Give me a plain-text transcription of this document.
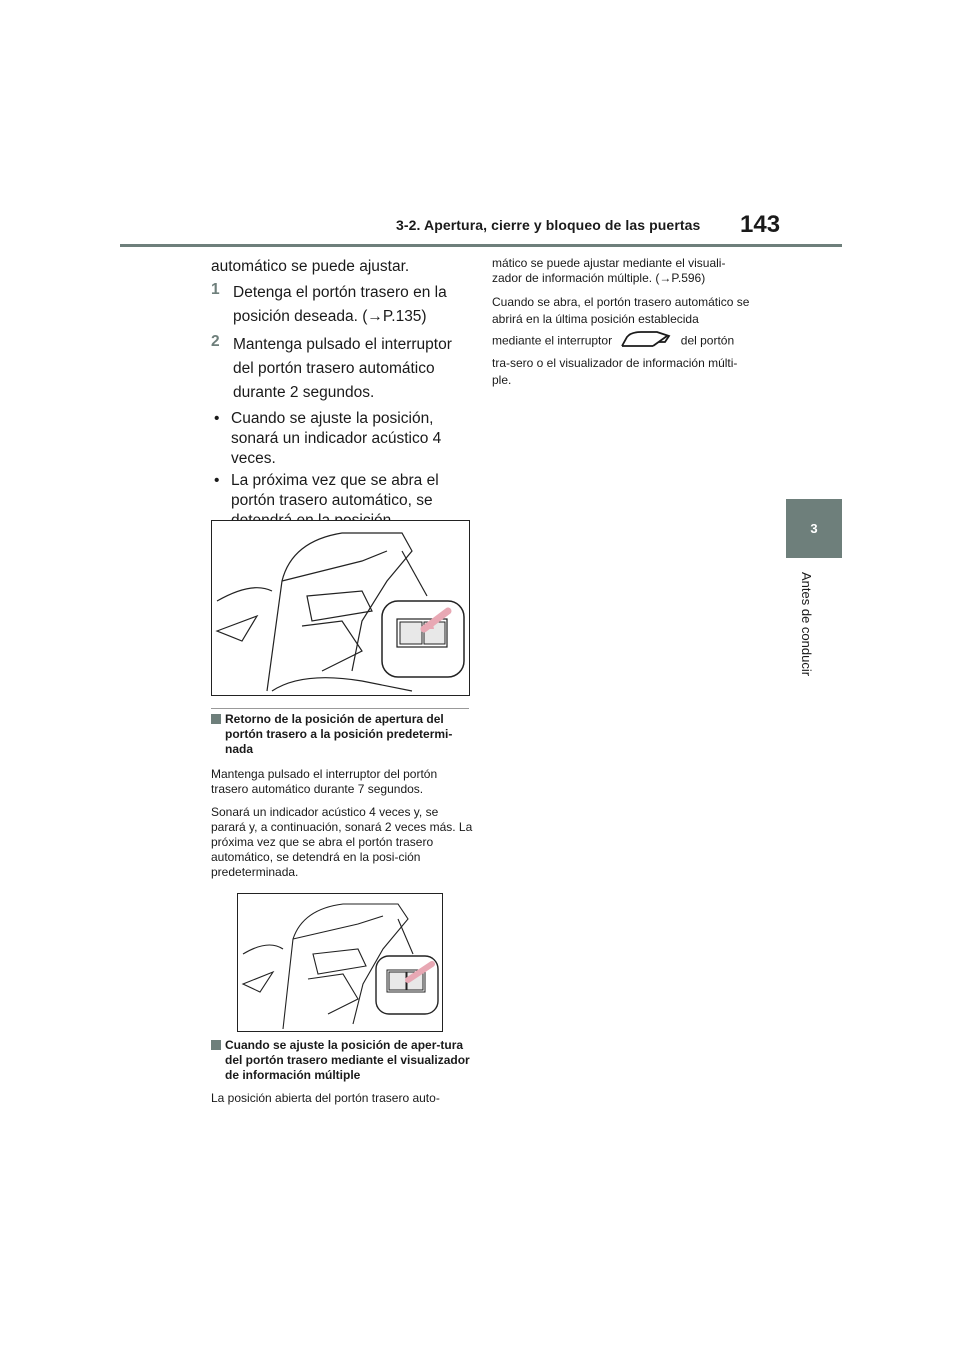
3-2. Apertura, cierre y bloqueo de las puertas 143
3
Antes de conducir

automático se puede ajustar.

1 Detenga el portón trasero en la posición deseada. (→P.135)
2 Mantenga pulsado el interruptor del portón trasero automático durante 2 segundos.
• Cuando se ajuste la posición, sonará un indicador acústico 4 veces.
• La próxima vez que se abra el portón trasero automático, se
Retorno de la posición de apertura del portón trasero a la posición predetermi-nada

Mantenga pulsado el interruptor del portón trasero automático durante 7 segundos.

Sonará un indicador acústico 4 veces y, se parará y, a continuación, sonará 2 veces más. La próxima vez que se abra el portón trasero automático, se detendrá en la posi-ción predeterminada.

Cuando se ajuste la posición de aper-tura del portón trasero mediante el visualizador de información múltiple

La posición abierta del portón trasero auto-

mático se puede ajustar mediante el visuali-zador de información múltiple. (→P.596)

Cuando se abra, el portón trasero automático se abrirá en la última posición establecida mediante el interruptor	del portón tra-sero o el visualizador de información múlti-ple.
